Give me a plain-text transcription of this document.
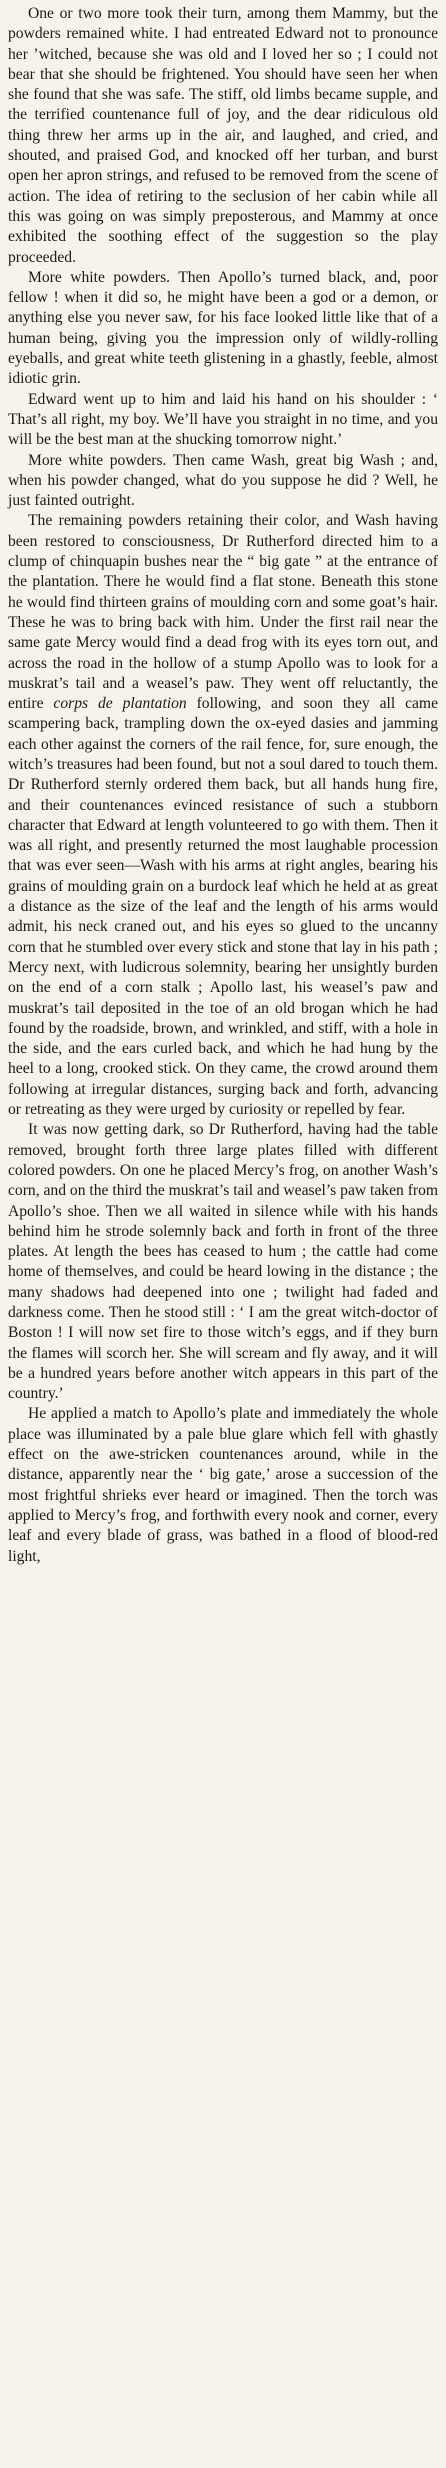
One or two more took their turn, among them Mammy, but the powders remained white. I had entreated Edward not to pronounce her ’witched, because she was old and I loved her so ; I could not bear that she should be frightened. You should have seen her when she found that she was safe. The stiff, old limbs became supple, and the terrified countenance full of joy, and the dear ridiculous old thing threw her arms up in the air, and laughed, and cried, and shouted, and praised God, and knocked off her turban, and burst open her apron strings, and refused to be removed from the scene of action. The idea of retiring to the seclusion of her cabin while all this was going on was simply preposterous, and Mammy at once exhibited the soothing effect of the suggestion so the play proceeded.

More white powders. Then Apollo’s turned black, and, poor fellow ! when it did so, he might have been a god or a demon, or anything else you never saw, for his face looked little like that of a human being, giving you the impression only of wildly-rolling eyeballs, and great white teeth glistening in a ghastly, feeble, almost idiotic grin.

Edward went up to him and laid his hand on his shoulder : ‘ That’s all right, my boy. We’ll have you straight in no time, and you will be the best man at the shucking tomorrow night.’

More white powders. Then came Wash, great big Wash ; and, when his powder changed, what do you suppose he did ? Well, he just fainted outright.

The remaining powders retaining their color, and Wash having been restored to consciousness, Dr Rutherford directed him to a clump of chinquapin bushes near the “ big gate ” at the entrance of the plantation. There he would find a flat stone. Beneath this stone he would find thirteen grains of moulding corn and some goat’s hair. These he was to bring back with him. Under the first rail near the same gate Mercy would find a dead frog with its eyes torn out, and across the road in the hollow of a stump Apollo was to look for a muskrat’s tail and a weasel’s paw. They went off reluctantly, the entire corps de plantation following, and soon they all came scampering back, trampling down the ox-eyed dasies and jamming each other against the corners of the rail fence, for, sure enough, the witch’s treasures had been found, but not a soul dared to touch them. Dr Rutherford sternly ordered them back, but all hands hung fire, and their countenances evinced resistance of such a stubborn character that Edward at length volunteered to go with them. Then it was all right, and presently returned the most laughable procession that was ever seen—Wash with his arms at right angles, bearing his grains of moulding grain on a burdock leaf which he held at as great a distance as the size of the leaf and the length of his arms would admit, his neck craned out, and his eyes so glued to the uncanny corn that he stumbled over every stick and stone that lay in his path ; Mercy next, with ludicrous solemnity, bearing her unsightly burden on the end of a corn stalk ; Apollo last, his weasel’s paw and muskrat’s tail deposited in the toe of an old brogan which he had found by the roadside, brown, and wrinkled, and stiff, with a hole in the side, and the ears curled back, and which he had hung by the heel to a long, crooked stick. On they came, the crowd around them following at irregular distances, surging back and forth, advancing or retreating as they were urged by curiosity or repelled by fear.

It was now getting dark, so Dr Rutherford, having had the table removed, brought forth three large plates filled with different colored powders. On one he placed Mercy’s frog, on another Wash’s corn, and on the third the muskrat’s tail and weasel’s paw taken from Apollo’s shoe. Then we all waited in silence while with his hands behind him he strode solemnly back and forth in front of the three plates. At length the bees has ceased to hum ; the cattle had come home of themselves, and could be heard lowing in the distance ; the many shadows had deepened into one ; twilight had faded and darkness come. Then he stood still : ‘ I am the great witch-doctor of Boston ! I will now set fire to those witch’s eggs, and if they burn the flames will scorch her. She will scream and fly away, and it will be a hundred years before another witch appears in this part of the country.’

He applied a match to Apollo’s plate and immediately the whole place was illuminated by a pale blue glare which fell with ghastly effect on the awe-stricken countenances around, while in the distance, apparently near the ‘ big gate,’ arose a succession of the most frightful shrieks ever heard or imagined. Then the torch was applied to Mercy’s frog, and forthwith every nook and corner, every leaf and every blade of grass, was bathed in a flood of blood-red light,
